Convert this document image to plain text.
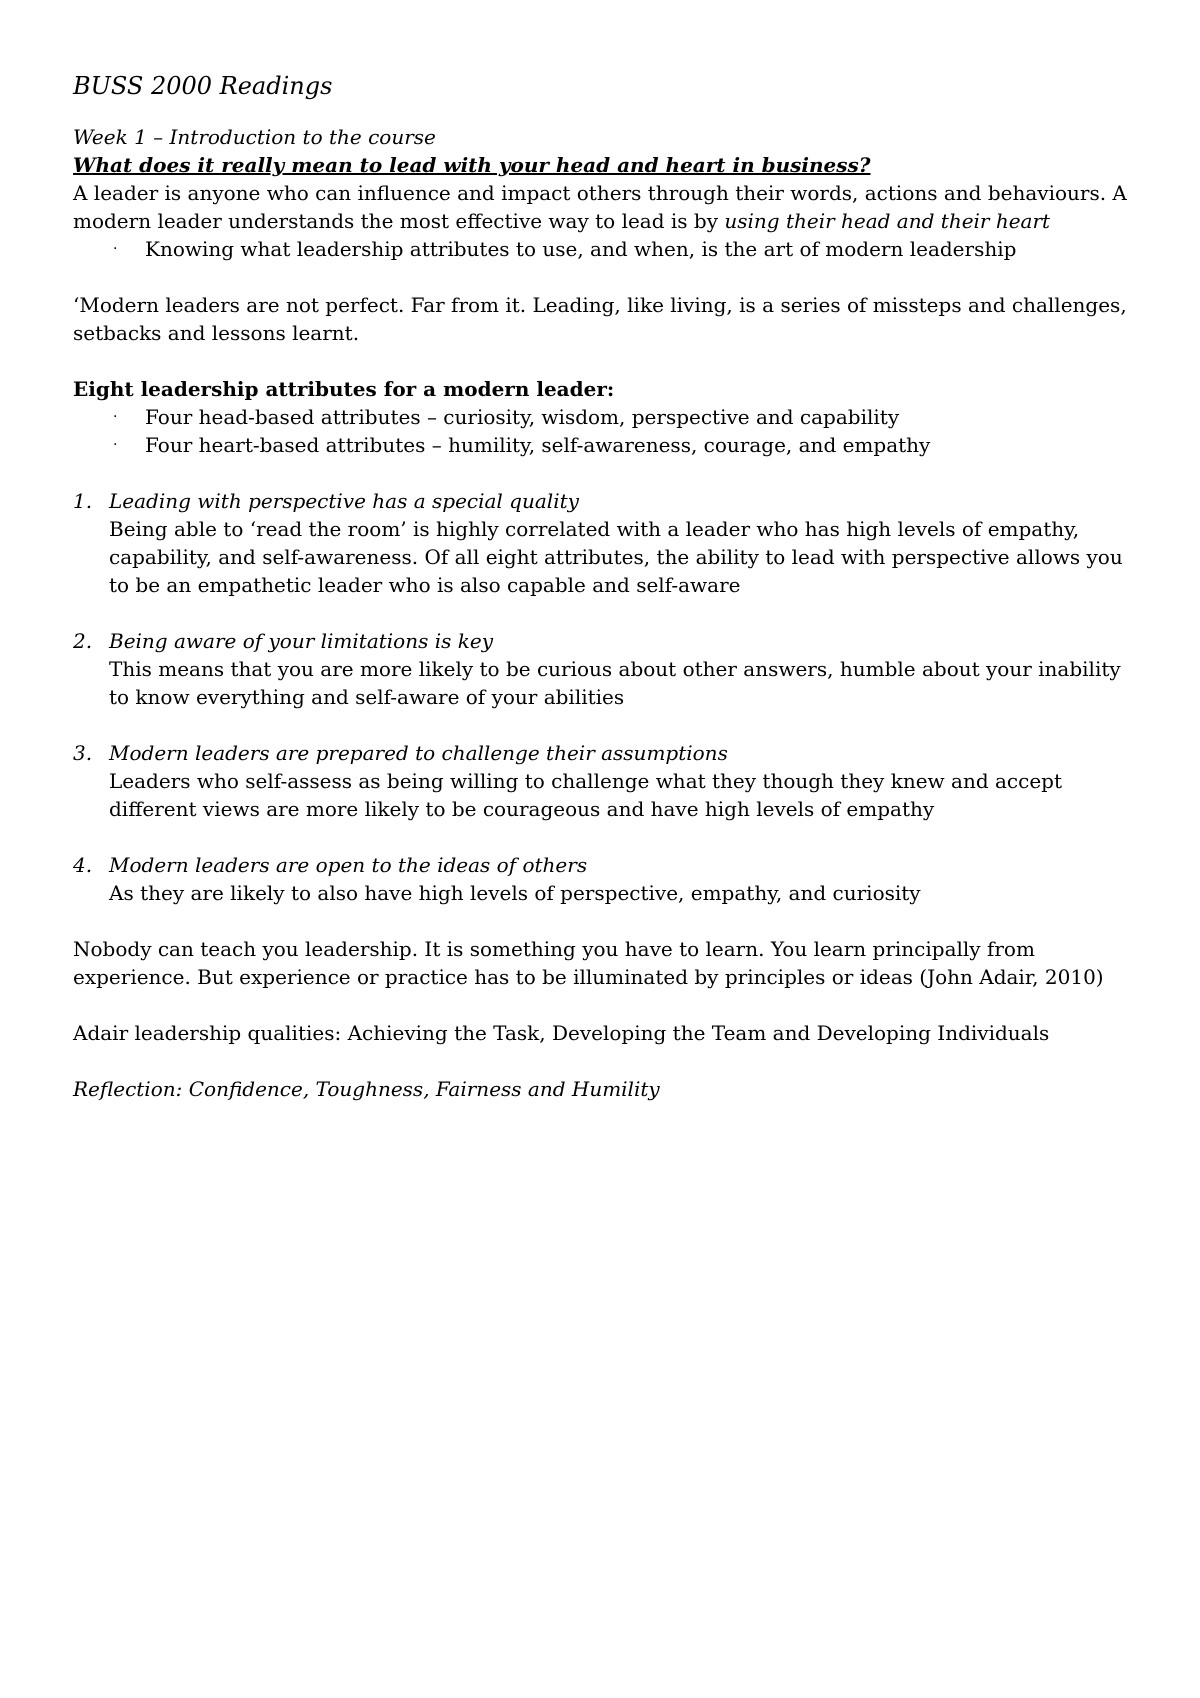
BUSS 2000 Readings

Week 1 – Introduction to the course

What does it really mean to lead with your head and heart in business?

A leader is anyone who can influence and impact others through their words, actions and behaviours. A modern leader understands the most effective way to lead is by using their head and their heart

· Knowing what leadership attributes to use, and when, is the art of modern leadership

‘Modern leaders are not perfect. Far from it. Leading, like living, is a series of missteps and challenges, setbacks and lessons learnt.

Eight leadership attributes for a modern leader:

· Four head-based attributes – curiosity, wisdom, perspective and capability
· Four heart-based attributes – humility, self-awareness, courage, and empathy
1. Leading with perspective has a special quality
Being able to ‘read the room’ is highly correlated with a leader who has high levels of empathy, capability, and self-awareness. Of all eight attributes, the ability to lead with perspective allows you to be an empathetic leader who is also capable and self-aware
2. Being aware of your limitations is key
This means that you are more likely to be curious about other answers, humble about your inability to know everything and self-aware of your abilities
3. Modern leaders are prepared to challenge their assumptions
Leaders who self-assess as being willing to challenge what they though they knew and accept different views are more likely to be courageous and have high levels of empathy
4. Modern leaders are open to the ideas of others
As they are likely to also have high levels of perspective, empathy, and curiosity

Nobody can teach you leadership. It is something you have to learn. You learn principally from experience. But experience or practice has to be illuminated by principles or ideas (John Adair, 2010)

Adair leadership qualities: Achieving the Task, Developing the Team and Developing Individuals

Reflection: Confidence, Toughness, Fairness and Humility
